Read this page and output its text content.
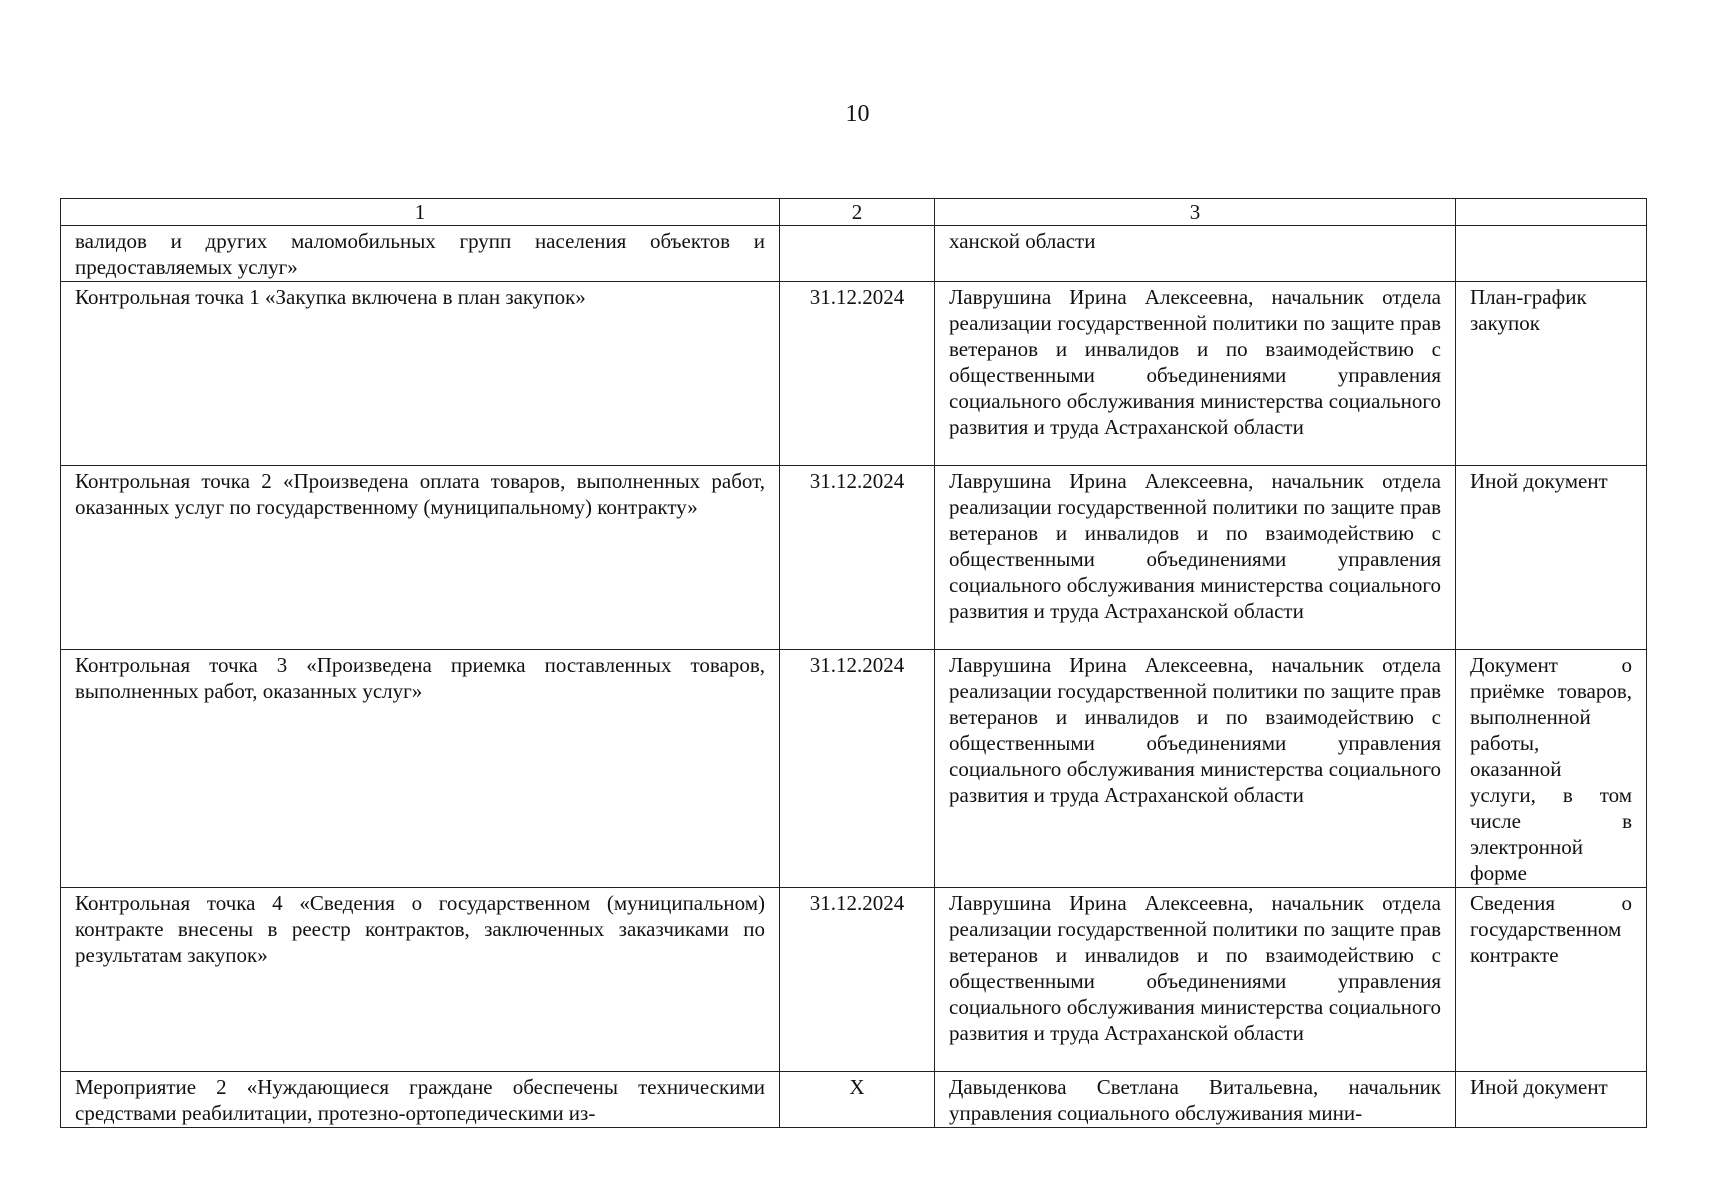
10
1	2	3	
валидов и других маломобильных групп населения объектов и предоставляемых услуг»		ханской области	
Контрольная точка 1 «Закупка включена в план закупок»	31.12.2024	Лаврушина Ирина Алексеевна, начальник отдела реализации государственной политики по защите прав ветеранов и инвалидов и по взаимодействию с общественными объединениями управления социального обслуживания министерства социального развития и труда Астраханской области	План-график закупок
Контрольная точка 2 «Произведена оплата товаров, выполненных работ, оказанных услуг по государственному (муниципальному) контракту»	31.12.2024	Лаврушина Ирина Алексеевна, начальник отдела реализации государственной политики по защите прав ветеранов и инвалидов и по взаимодействию с общественными объединениями управления социального обслуживания министерства социального развития и труда Астраханской области	Иной документ
Контрольная точка 3 «Произведена приемка поставленных товаров, выполненных работ, оказанных услуг»	31.12.2024	Лаврушина Ирина Алексеевна, начальник отдела реализации государственной политики по защите прав ветеранов и инвалидов и по взаимодействию с общественными объединениями управления социального обслуживания министерства социального развития и труда Астраханской области	Документ о приёмке товаров, выполненной работы, оказанной услуги, в том числе в электронной форме
Контрольная точка 4 «Сведения о государственном (муниципальном) контракте внесены в реестр контрактов, заключенных заказчиками по результатам закупок»	31.12.2024	Лаврушина Ирина Алексеевна, начальник отдела реализации государственной политики по защите прав ветеранов и инвалидов и по взаимодействию с общественными объединениями управления социального обслуживания министерства социального развития и труда Астраханской области	Сведения о государственном контракте
Мероприятие 2 «Нуждающиеся граждане обеспечены техническими средствами реабилитации, протезно-ортопедическими из-	Х	Давыденкова Светлана Витальевна, начальник управления социального обслуживания мини-	Иной документ
